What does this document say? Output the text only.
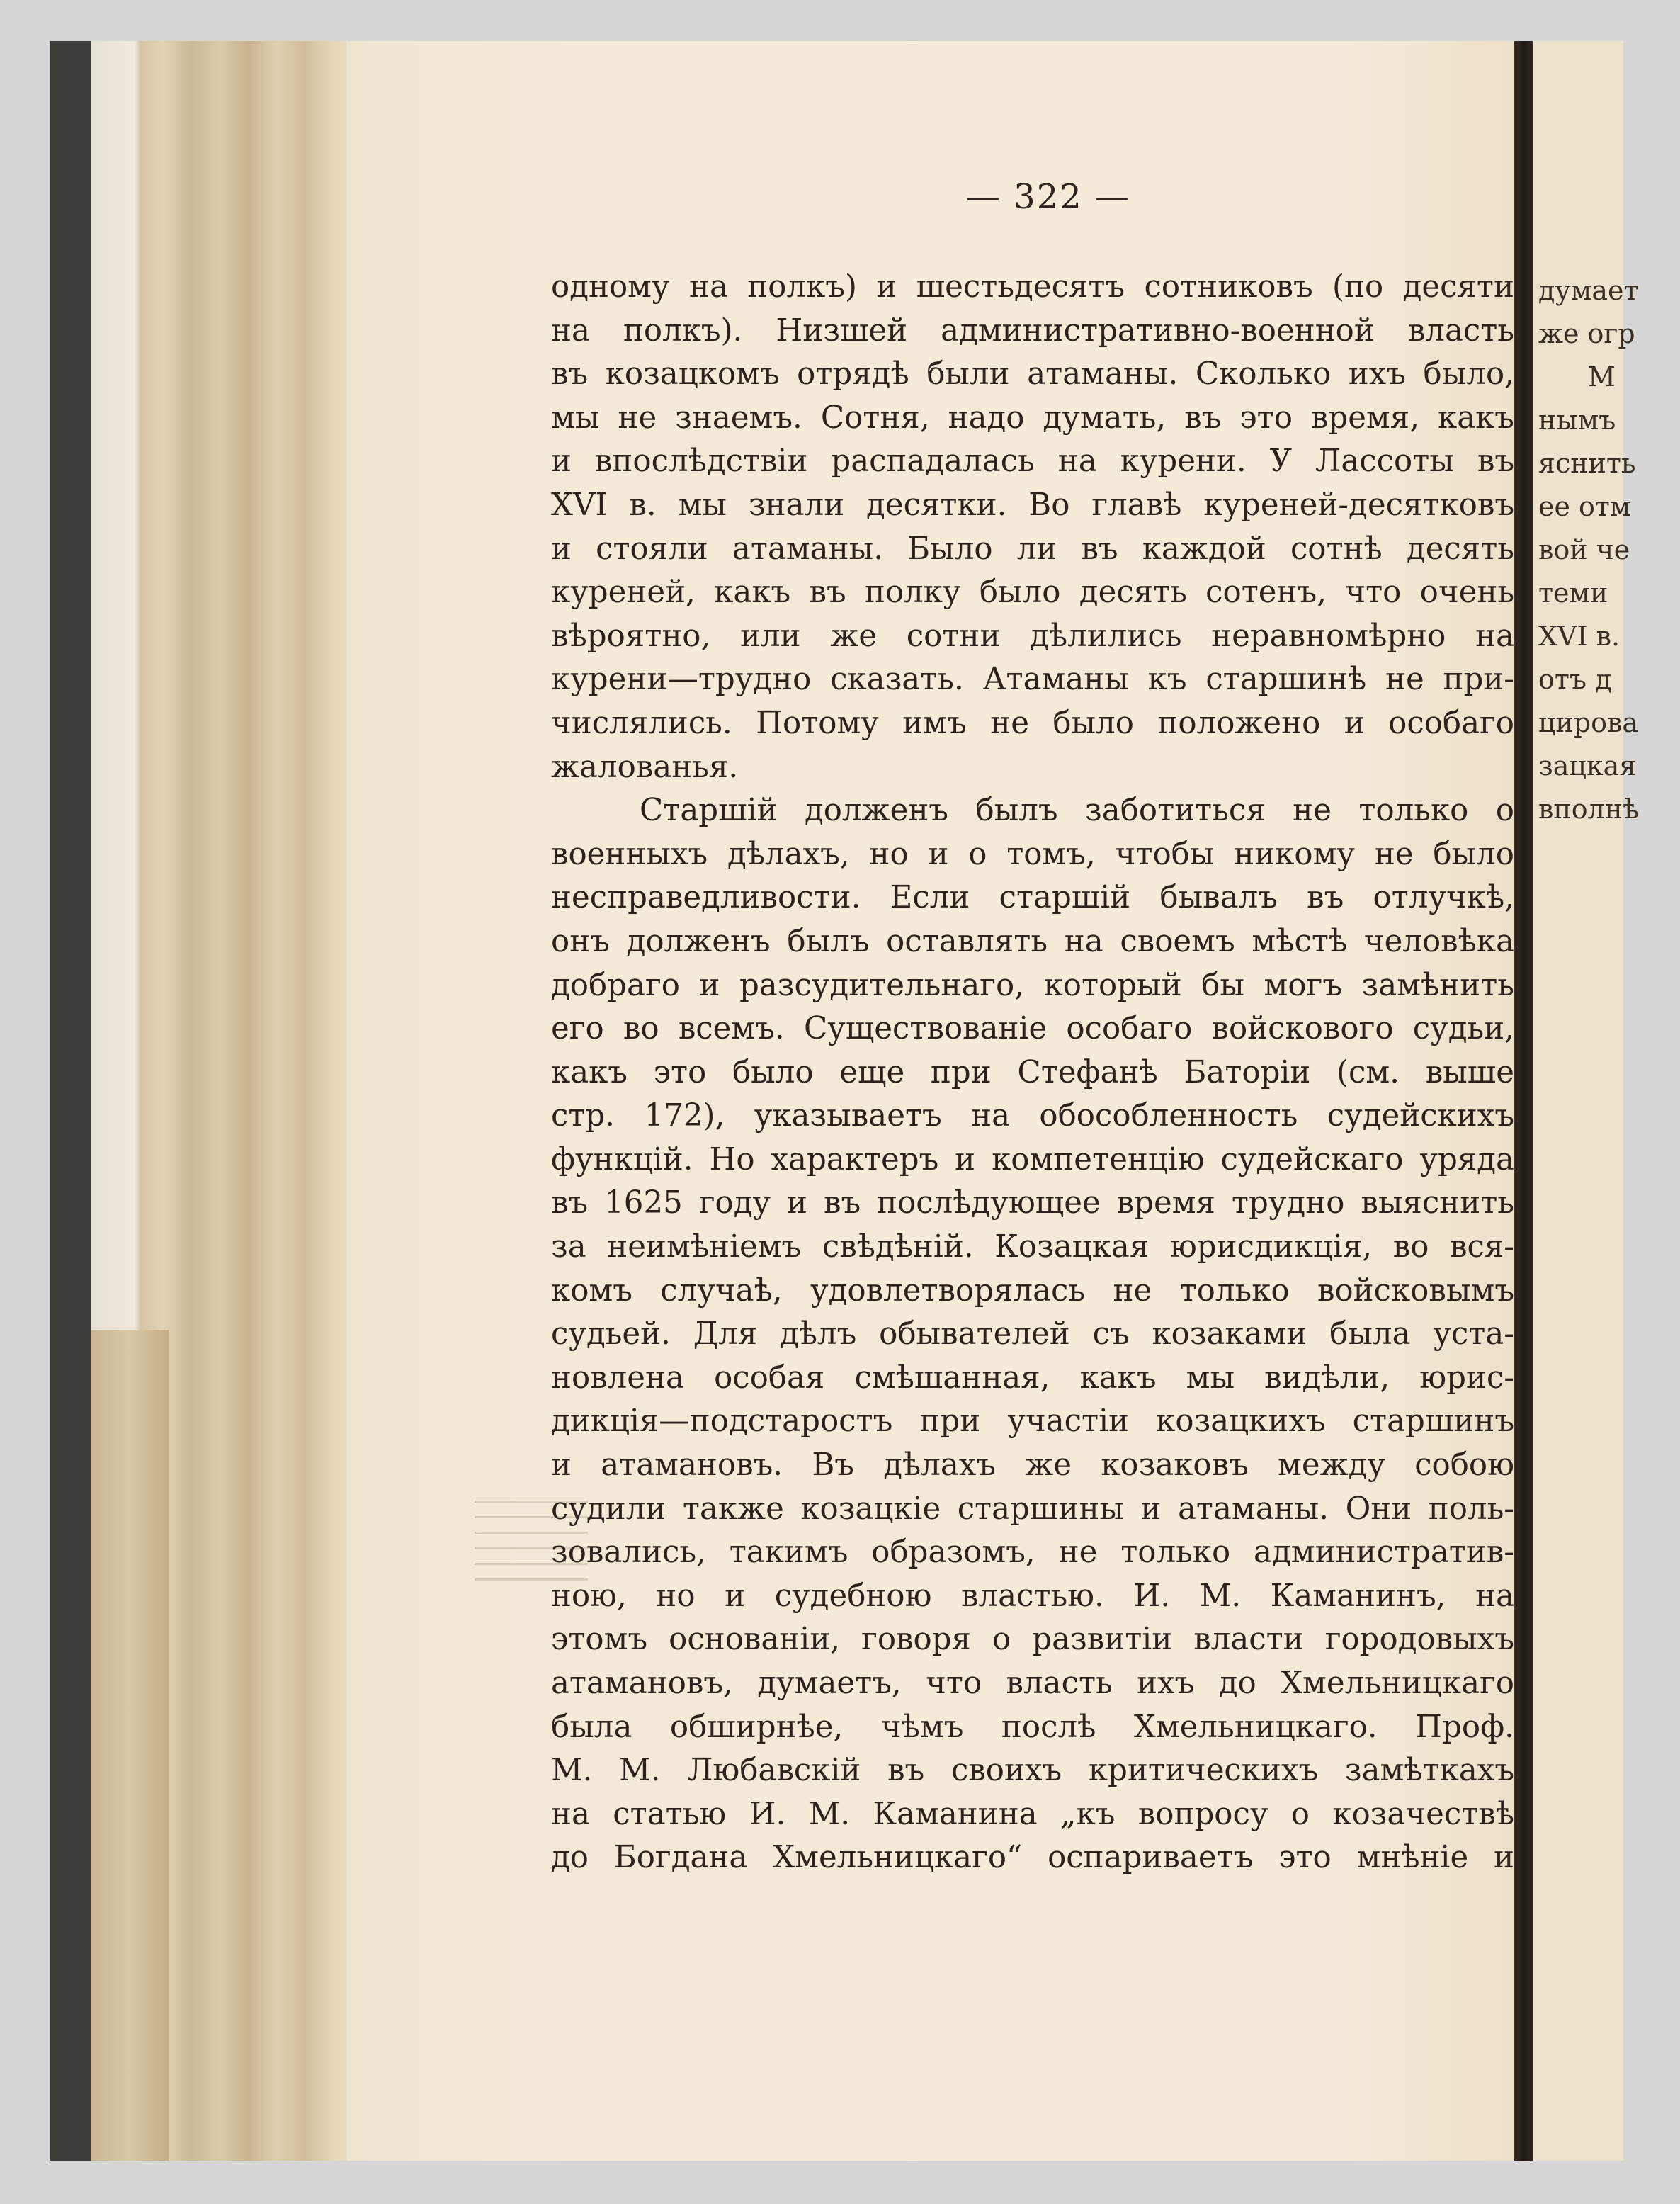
думает
же огр
М
нымъ
яснить
ее отм
вой че
теми
XVI в.
отъ д
цирова
зацкая
вполнѣ
— 322 —
одному на полкъ) и шестьдесятъ сотниковъ (по десяти
на полкъ). Низшей административно-военной власть
въ козацкомъ отрядѣ были атаманы. Сколько ихъ было,
мы не знаемъ. Сотня, надо думать, въ это время, какъ
и впослѣдствіи распадалась на курени. У Лассоты въ
XVI в. мы знали десятки. Во главѣ куреней-десятковъ
и стояли атаманы. Было ли въ каждой сотнѣ десять
куреней, какъ въ полку было десять сотенъ, что очень
вѣроятно, или же сотни дѣлились неравномѣрно на
курени—трудно сказать. Атаманы къ старшинѣ не при-
числялись. Потому имъ не было положено и особаго
жалованья.
Старшій долженъ былъ заботиться не только о
военныхъ дѣлахъ, но и о томъ, чтобы никому не было
несправедливости. Если старшій бывалъ въ отлучкѣ,
онъ долженъ былъ оставлять на своемъ мѣстѣ человѣка
добраго и разсудительнаго, который бы могъ замѣнить
его во всемъ. Существованіе особаго войскового судьи,
какъ это было еще при Стефанѣ Баторіи (см. выше
стр. 172), указываетъ на обособленность судейскихъ
функцій. Но характеръ и компетенцію судейскаго уряда
въ 1625 году и въ послѣдующее время трудно выяснить
за неимѣніемъ свѣдѣній. Козацкая юрисдикція, во вся-
комъ случаѣ, удовлетворялась не только войсковымъ
судьей. Для дѣлъ обывателей съ козаками была уста-
новлена особая смѣшанная, какъ мы видѣли, юрис-
дикція—подстаростъ при участіи козацкихъ старшинъ
и атамановъ. Въ дѣлахъ же козаковъ между собою
судили также козацкіе старшины и атаманы. Они поль-
зовались, такимъ образомъ, не только административ-
ною, но и судебною властью. И. М. Каманинъ, на
этомъ основаніи, говоря о развитіи власти городовыхъ
атамановъ, думаетъ, что власть ихъ до Хмельницкаго
была обширнѣе, чѣмъ послѣ Хмельницкаго. Проф.
М. М. Любавскій въ своихъ критическихъ замѣткахъ
на статью И. М. Каманина „къ вопросу о козачествѣ
до Богдана Хмельницкаго“ оспариваетъ это мнѣніе и
